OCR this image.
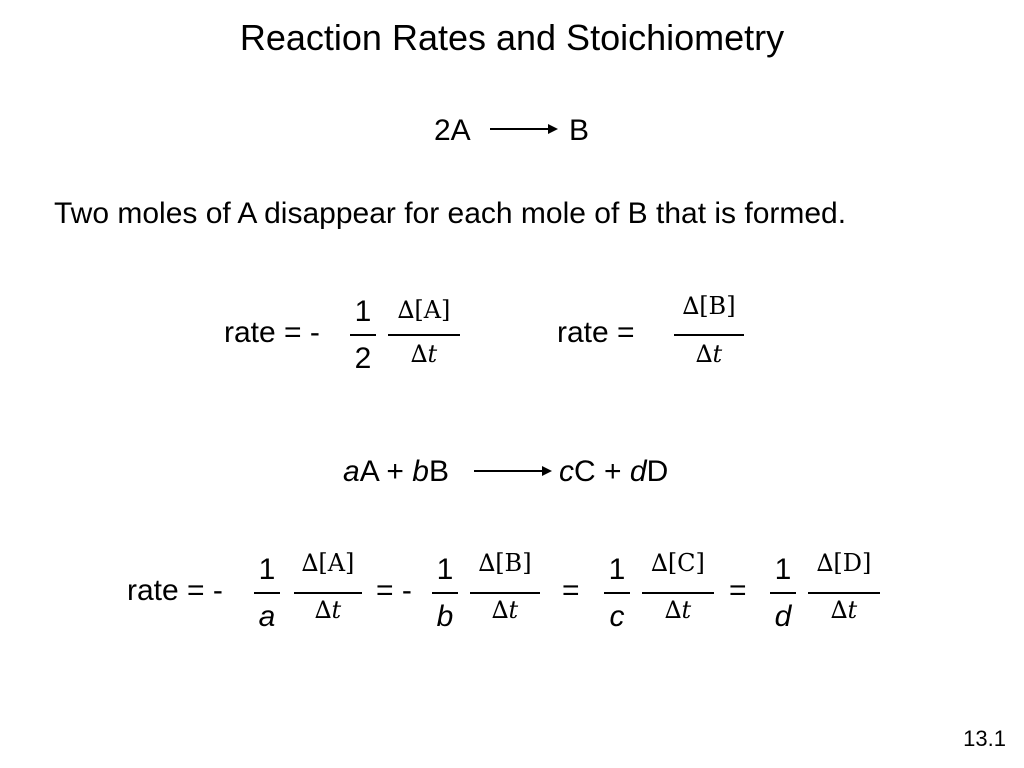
Reaction Rates and Stoichiometry
2A	B
Two moles of A disappear for each mole of B that is formed.
rate = -
1
2
∆[A]
∆t
rate =
∆[B]
∆t
aA + bB	cC + dD
rate = -
1
a
∆[A]
∆t
= -
1
b
∆[B]
∆t
=
1
c
∆[C]
∆t
=
1
d
∆[D]
∆t
13.1
